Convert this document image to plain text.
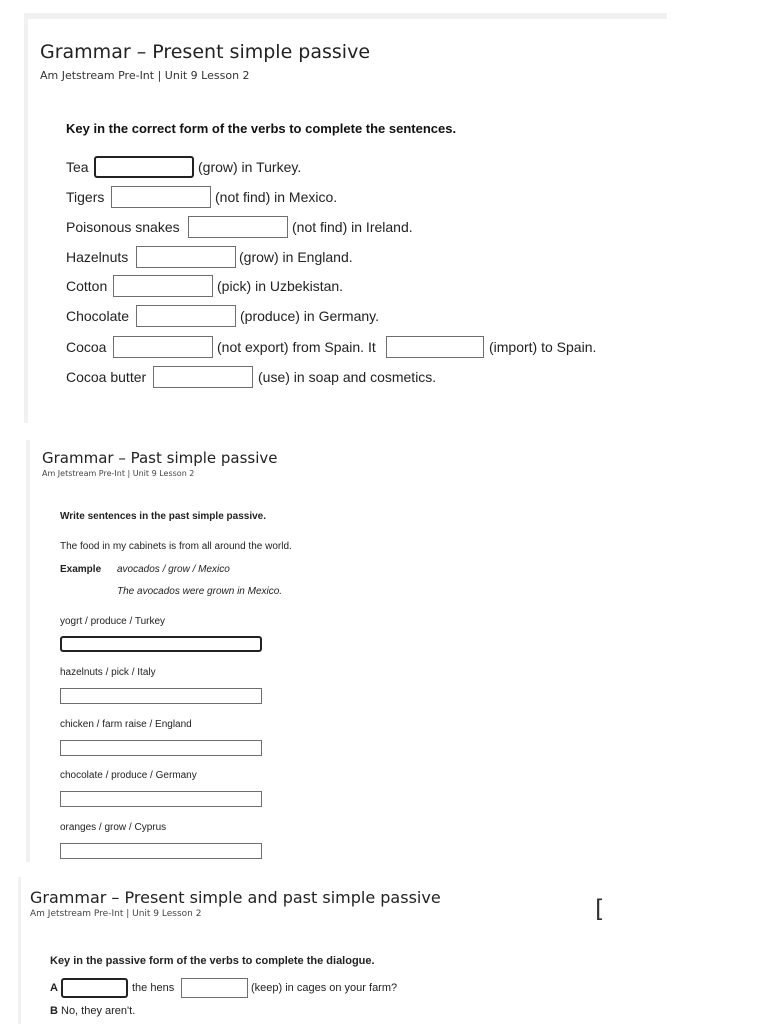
Grammar – Present simple passive
Am Jetstream Pre-Int | Unit 9 Lesson 2
Key in the correct form of the verbs to complete the sentences.
Tea	(grow) in Turkey.
Tigers	(not find) in Mexico.
Poisonous snakes	(not find) in Ireland.
Hazelnuts	(grow) in England.
Cotton	(pick) in Uzbekistan.
Chocolate	(produce) in Germany.
Cocoa	(not export) from Spain. It	(import) to Spain.
Cocoa butter	(use) in soap and cosmetics.
Grammar – Past simple passive
Am Jetstream Pre-Int | Unit 9 Lesson 2
Write sentences in the past simple passive.
The food in my cabinets is from all around the world.
Example avocados / grow / Mexico
The avocados were grown in Mexico.
yogrt / produce / Turkey
hazelnuts / pick / Italy
chicken / farm raise / England
chocolate / produce / Germany
oranges / grow / Cyprus
Grammar – Present simple and past simple passive
Am Jetstream Pre-Int | Unit 9 Lesson 2	[
Key in the passive form of the verbs to complete the dialogue.
A	the hens	(keep) in cages on your farm?
B No, they aren't.
